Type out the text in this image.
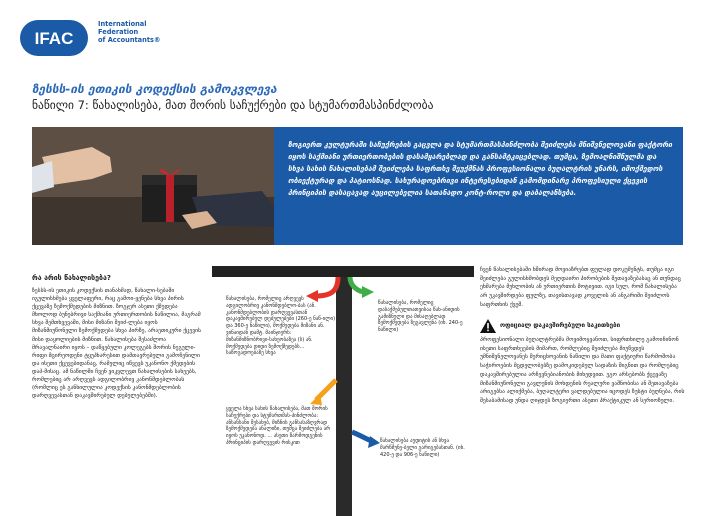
IFAC
International
Federation
of Accountants®
ზესსს-ის ეთიკის კოდექსის გამოკვლევა
ნაწილი 7: წახალისება, მათ შორის საჩუქრები და სტუმართმასპინძლობა
ზოგიერთ კულტურაში საჩუქრების გაცვლა და სტუმართმასპინძლობა შეიძლება მნიშვნელოვანი ფაქტორი იყოს საქმიანი ურთიერთობების დასამყარებლად და განსამტკიცებლად. თუმცა, ზემოაღნიშნულმა და სხვა სახის წახალისებამ შეიძლება საფრთხე შეუქმნას პროფესიონალი ბუღალტრის უნარს, იმოქმედოს ობიექტურად და პატიოსნად. სახურადოებრივი ინტერესებიდან გამომდინარე პროფესიული ქცევის პრინციპის დასაცავად აუცილებელია სათანადო კონტ-როლი და დაბალანსება.
რა არის წახალისება?
ზესსს-ის ეთიკის კოდექსის თანახმად, წახალი-სებაში იგულისხმება ყველაფერი, რაც გამოი-ყენება სხვა პირის ქცევაზე ზემოქმედების მიზნით. ზოგჯერ ასეთი ქმედება მხოლოდ ბუნებრივი საქმიანი ურთიერთობის ნაწილია, მაგრამ სხვა შემთხვევაში, მისი მიზანი შეიძ-ლება იყოს მიზანმიუწონელი ზემოქმედება სხვა პირზე, არაეთიკური ქცევის მისი დაყოლიების მიზნით. წახალისება შესაძლოა მრავალნაირი იყოს – დაწყებული კოლეგებს შორის ნეგული-რიფი მცირეოდენი ტყუპხარესით დამთავრებული გამოჩენილი და ისეთი ქცევებიდანაც, რამელიც იწვევს უკანონო ქმედების დაპ-მისაც. ამ ნაწილში ჩვენ ვიკვლევთ წახალისების სახეებს, რომლებიც არ არღვევს ადგილობრივ კანონმდებლობას (რომლიც ეს განხილულია კოდექსის კანონმდებლობის დარღვევასთან დაკავშირებულ დებულებებში).
წახალისება, რომელიც არღვევს ადგილობრივ კანონმდებლო-ბას (ან. კანონმდებლობის დარღვევასთან დაკავშირებულ დებულებები (260-ე ნაწ-ილი) და 360-ე ნაწილი), მოქმედება მიზანი ან. ვინაიდან დამტ. მაინჯიერს: მიზანმიზნობრივი-სახეობაზეა (ს) ან. მოქმედება დიდი ზემოქმედებს... საზოგადოებაზე სხვა
ყველა სხვა სახის წახალისება, მათ შორის საჩუქრები და სტუმართმას-პინძლობა: ანსანსანი შესახებ, მიზნის განსასაზღვრად ზემოქმედება ანალიზი, თუმცა შეიძლება არ იყოს უკანონოდ. ... ასეთი წარმოდგენის პრინციპის დარღვევის რისკით
წახალისება, რომელიც დასაქმებულთათვისაა წახ-ანიდის გამიზნული და მისაღებლად ზემოქმედება ზეგავლენა (იხ. 240-ე ნაწილი)
წახალისება აუდიტის ან სხვა მარწმუნე-ბელი გარიგებასთან. (იხ. 420-ე და 906-ე ნაწილი)
ჩვენ წახალისებაში ხშირად მოვიაზრებთ ფულად დოკუმენტს, თუმცა იგი შეიძლება გულისხმობდეს მეღდაირი პირობების შეთავაზებასაც ან თუნდაც ეხმარება მუხლობის ან ურთიერთის მოტივით. იგი სულ, რომ წახალისება არ უკავშირდება ფულზე, თავისთავად კოველის ან ანგარიში შეიძლოს საფრთხის ქვეშ.
ოფიციალ დაკავშირებული საკითხები
პროფესიონალი ბუღალტრებმა მოვიმოყვანოთ, სიფრთხილე გამოიჩინონ ისეთი საფრთხეების მიმართ, რომლებიც შეიძლება მიუწვდეს უმნიშვნელოვანეს შერიცხოვანის ნაწილი და მათი ფაქტიური წარმოშობა საჭიროების მცდელობებზე დამოკიდებულ სადაზის შიგნით და რომლებიც დაკავშირებულია არჩევნებიანობის მიხედვით. ეგო არსებობს ქცევაზე მიზანმიუწონელი გავლენის მოხდენის რეალური ვაშნობისა ან შეთავაზება არიგებსა ალიქმება, ბუღალტერი ვალდებულია იცოდეს ზუსტი ბუღნება, რის შესაბამისად უნდა ღიჯდეს ზოგიერთი ასეთი პრაქტიკულ ან სერიოზული.
